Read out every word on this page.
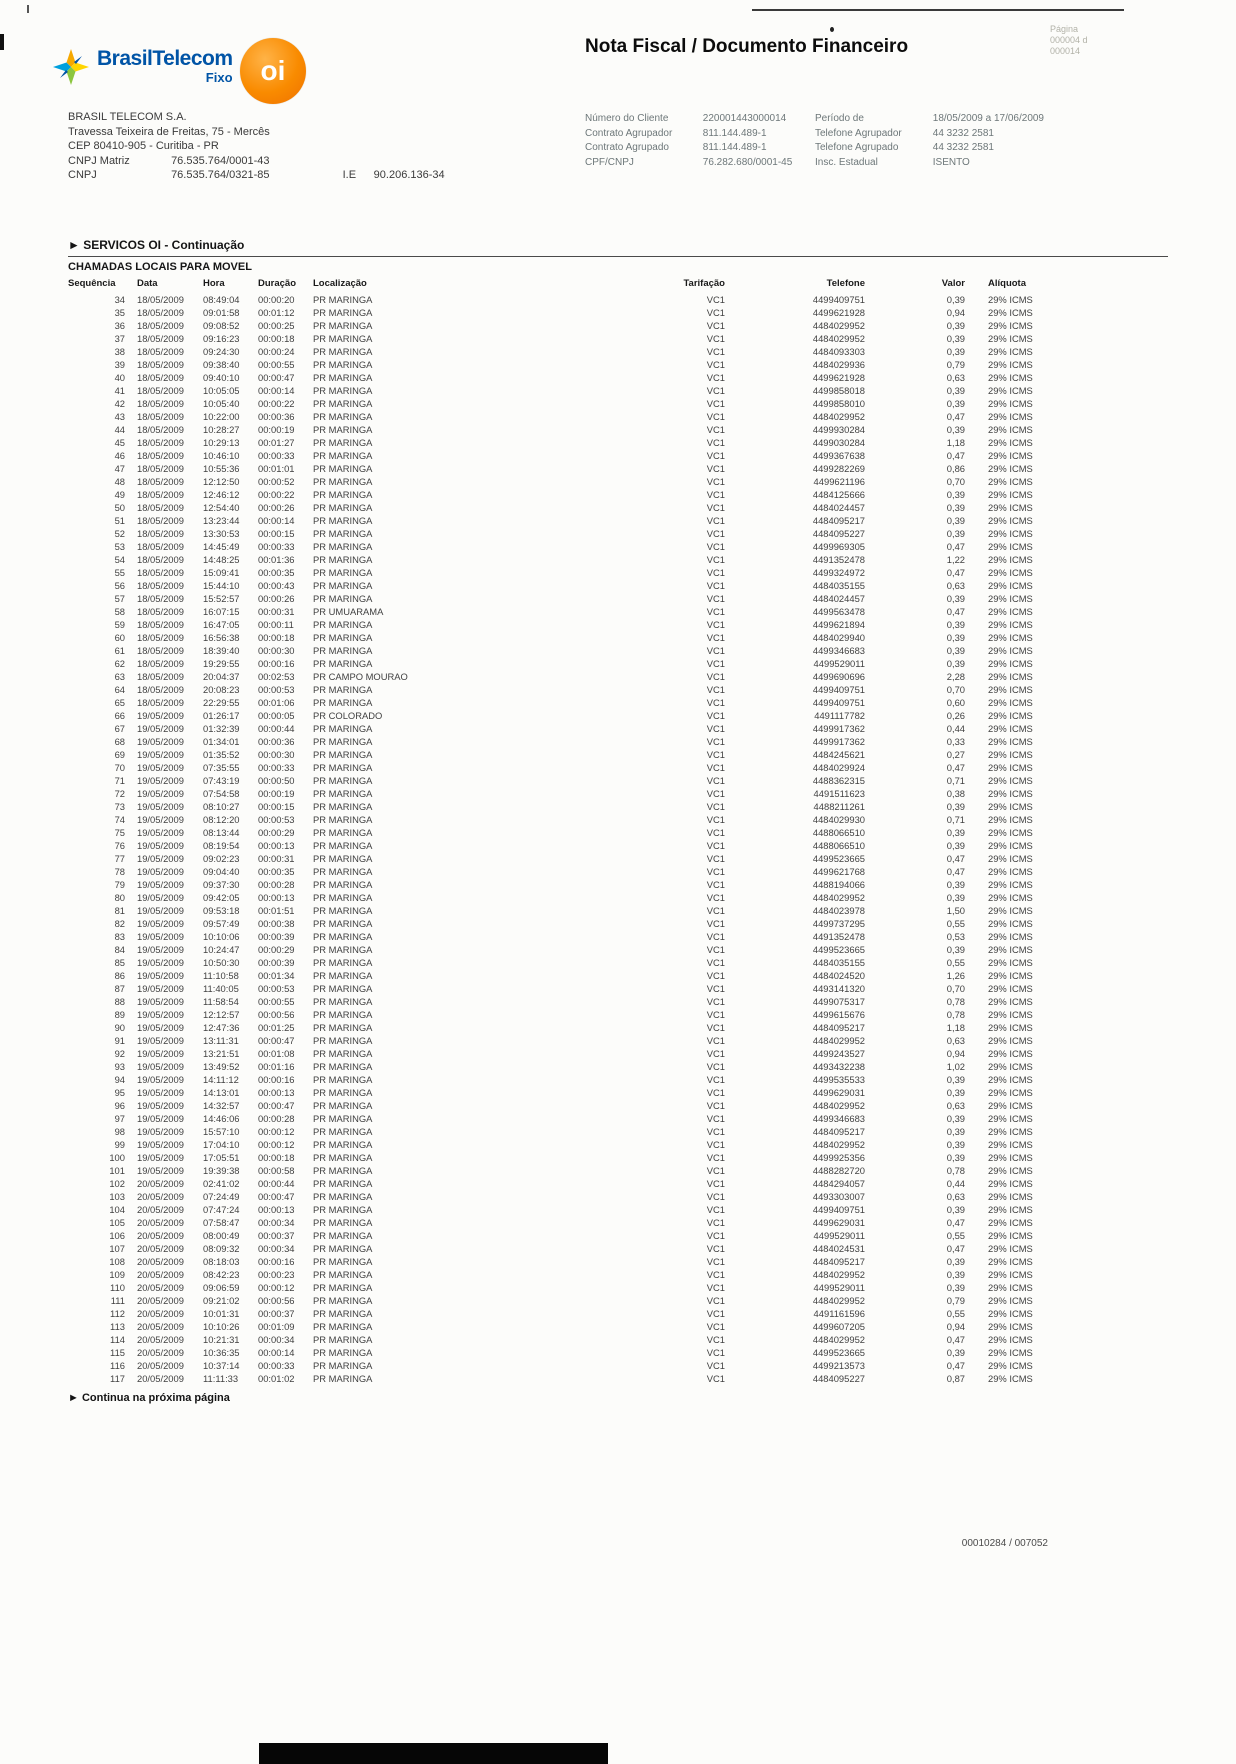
BrasilTelecom
Fixo oi
Nota Fiscal / Documento Financeiro
Página
000004 d
000014
BRASIL TELECOM S.A.
Travessa Teixeira de Freitas, 75 - Mercês
CEP 80410-905 - Curitiba - PR
CNPJ Matriz	76.535.764/0001-43
CNPJ	76.535.764/0321-85	I.E 90.206.136-34
Número do Cliente	220001443000014
Contrato Agrupador	811.144.489-1
Contrato Agrupado	811.144.489-1
CPF/CNPJ	76.282.680/0001-45
Período de	18/05/2009 a 17/06/2009
Telefone Agrupador	44 3232 2581
Telefone Agrupado	44 3232 2581
Insc. Estadual	ISENTO
► SERVICOS OI - Continuação
CHAMADAS LOCAIS PARA MOVEL
Sequência	Data	Hora	Duração	Localização	Tarifação	Telefone	Valor	Alíquota
34	18/05/2009	08:49:04	00:00:20	PR MARINGA	VC1	4499409751	0,39	29% ICMS
35	18/05/2009	09:01:58	00:01:12	PR MARINGA	VC1	4499621928	0,94	29% ICMS
36	18/05/2009	09:08:52	00:00:25	PR MARINGA	VC1	4484029952	0,39	29% ICMS
37	18/05/2009	09:16:23	00:00:18	PR MARINGA	VC1	4484029952	0,39	29% ICMS
38	18/05/2009	09:24:30	00:00:24	PR MARINGA	VC1	4484093303	0,39	29% ICMS
39	18/05/2009	09:38:40	00:00:55	PR MARINGA	VC1	4484029936	0,79	29% ICMS
40	18/05/2009	09:40:10	00:00:47	PR MARINGA	VC1	4499621928	0,63	29% ICMS
41	18/05/2009	10:05:05	00:00:14	PR MARINGA	VC1	4499858018	0,39	29% ICMS
42	18/05/2009	10:05:40	00:00:22	PR MARINGA	VC1	4499858010	0,39	29% ICMS
43	18/05/2009	10:22:00	00:00:36	PR MARINGA	VC1	4484029952	0,47	29% ICMS
44	18/05/2009	10:28:27	00:00:19	PR MARINGA	VC1	4499930284	0,39	29% ICMS
45	18/05/2009	10:29:13	00:01:27	PR MARINGA	VC1	4499030284	1,18	29% ICMS
46	18/05/2009	10:46:10	00:00:33	PR MARINGA	VC1	4499367638	0,47	29% ICMS
47	18/05/2009	10:55:36	00:01:01	PR MARINGA	VC1	4499282269	0,86	29% ICMS
48	18/05/2009	12:12:50	00:00:52	PR MARINGA	VC1	4499621196	0,70	29% ICMS
49	18/05/2009	12:46:12	00:00:22	PR MARINGA	VC1	4484125666	0,39	29% ICMS
50	18/05/2009	12:54:40	00:00:26	PR MARINGA	VC1	4484024457	0,39	29% ICMS
51	18/05/2009	13:23:44	00:00:14	PR MARINGA	VC1	4484095217	0,39	29% ICMS
52	18/05/2009	13:30:53	00:00:15	PR MARINGA	VC1	4484095227	0,39	29% ICMS
53	18/05/2009	14:45:49	00:00:33	PR MARINGA	VC1	4499969305	0,47	29% ICMS
54	18/05/2009	14:48:25	00:01:36	PR MARINGA	VC1	4491352478	1,22	29% ICMS
55	18/05/2009	15:09:41	00:00:35	PR MARINGA	VC1	4499324972	0,47	29% ICMS
56	18/05/2009	15:44:10	00:00:43	PR MARINGA	VC1	4484035155	0,63	29% ICMS
57	18/05/2009	15:52:57	00:00:26	PR MARINGA	VC1	4484024457	0,39	29% ICMS
58	18/05/2009	16:07:15	00:00:31	PR UMUARAMA	VC1	4499563478	0,47	29% ICMS
59	18/05/2009	16:47:05	00:00:11	PR MARINGA	VC1	4499621894	0,39	29% ICMS
60	18/05/2009	16:56:38	00:00:18	PR MARINGA	VC1	4484029940	0,39	29% ICMS
61	18/05/2009	18:39:40	00:00:30	PR MARINGA	VC1	4499346683	0,39	29% ICMS
62	18/05/2009	19:29:55	00:00:16	PR MARINGA	VC1	4499529011	0,39	29% ICMS
63	18/05/2009	20:04:37	00:02:53	PR CAMPO MOURAO	VC1	4499690696	2,28	29% ICMS
64	18/05/2009	20:08:23	00:00:53	PR MARINGA	VC1	4499409751	0,70	29% ICMS
65	18/05/2009	22:29:55	00:01:06	PR MARINGA	VC1	4499409751	0,60	29% ICMS
66	19/05/2009	01:26:17	00:00:05	PR COLORADO	VC1	4491117782	0,26	29% ICMS
67	19/05/2009	01:32:39	00:00:44	PR MARINGA	VC1	4499917362	0,44	29% ICMS
68	19/05/2009	01:34:01	00:00:36	PR MARINGA	VC1	4499917362	0,33	29% ICMS
69	19/05/2009	01:35:52	00:00:30	PR MARINGA	VC1	4484245621	0,27	29% ICMS
70	19/05/2009	07:35:55	00:00:33	PR MARINGA	VC1	4484029924	0,47	29% ICMS
71	19/05/2009	07:43:19	00:00:50	PR MARINGA	VC1	4488362315	0,71	29% ICMS
72	19/05/2009	07:54:58	00:00:19	PR MARINGA	VC1	4491511623	0,38	29% ICMS
73	19/05/2009	08:10:27	00:00:15	PR MARINGA	VC1	4488211261	0,39	29% ICMS
74	19/05/2009	08:12:20	00:00:53	PR MARINGA	VC1	4484029930	0,71	29% ICMS
75	19/05/2009	08:13:44	00:00:29	PR MARINGA	VC1	4488066510	0,39	29% ICMS
76	19/05/2009	08:19:54	00:00:13	PR MARINGA	VC1	4488066510	0,39	29% ICMS
77	19/05/2009	09:02:23	00:00:31	PR MARINGA	VC1	4499523665	0,47	29% ICMS
78	19/05/2009	09:04:40	00:00:35	PR MARINGA	VC1	4499621768	0,47	29% ICMS
79	19/05/2009	09:37:30	00:00:28	PR MARINGA	VC1	4488194066	0,39	29% ICMS
80	19/05/2009	09:42:05	00:00:13	PR MARINGA	VC1	4484029952	0,39	29% ICMS
81	19/05/2009	09:53:18	00:01:51	PR MARINGA	VC1	4484023978	1,50	29% ICMS
82	19/05/2009	09:57:49	00:00:38	PR MARINGA	VC1	4499737295	0,55	29% ICMS
83	19/05/2009	10:10:06	00:00:39	PR MARINGA	VC1	4491352478	0,53	29% ICMS
84	19/05/2009	10:24:47	00:00:29	PR MARINGA	VC1	4499523665	0,39	29% ICMS
85	19/05/2009	10:50:30	00:00:39	PR MARINGA	VC1	4484035155	0,55	29% ICMS
86	19/05/2009	11:10:58	00:01:34	PR MARINGA	VC1	4484024520	1,26	29% ICMS
87	19/05/2009	11:40:05	00:00:53	PR MARINGA	VC1	4493141320	0,70	29% ICMS
88	19/05/2009	11:58:54	00:00:55	PR MARINGA	VC1	4499075317	0,78	29% ICMS
89	19/05/2009	12:12:57	00:00:56	PR MARINGA	VC1	4499615676	0,78	29% ICMS
90	19/05/2009	12:47:36	00:01:25	PR MARINGA	VC1	4484095217	1,18	29% ICMS
91	19/05/2009	13:11:31	00:00:47	PR MARINGA	VC1	4484029952	0,63	29% ICMS
92	19/05/2009	13:21:51	00:01:08	PR MARINGA	VC1	4499243527	0,94	29% ICMS
93	19/05/2009	13:49:52	00:01:16	PR MARINGA	VC1	4493432238	1,02	29% ICMS
94	19/05/2009	14:11:12	00:00:16	PR MARINGA	VC1	4499535533	0,39	29% ICMS
95	19/05/2009	14:13:01	00:00:13	PR MARINGA	VC1	4499629031	0,39	29% ICMS
96	19/05/2009	14:32:57	00:00:47	PR MARINGA	VC1	4484029952	0,63	29% ICMS
97	19/05/2009	14:46:06	00:00:28	PR MARINGA	VC1	4499346683	0,39	29% ICMS
98	19/05/2009	15:57:10	00:00:12	PR MARINGA	VC1	4484095217	0,39	29% ICMS
99	19/05/2009	17:04:10	00:00:12	PR MARINGA	VC1	4484029952	0,39	29% ICMS
100	19/05/2009	17:05:51	00:00:18	PR MARINGA	VC1	4499925356	0,39	29% ICMS
101	19/05/2009	19:39:38	00:00:58	PR MARINGA	VC1	4488282720	0,78	29% ICMS
102	20/05/2009	02:41:02	00:00:44	PR MARINGA	VC1	4484294057	0,44	29% ICMS
103	20/05/2009	07:24:49	00:00:47	PR MARINGA	VC1	4493303007	0,63	29% ICMS
104	20/05/2009	07:47:24	00:00:13	PR MARINGA	VC1	4499409751	0,39	29% ICMS
105	20/05/2009	07:58:47	00:00:34	PR MARINGA	VC1	4499629031	0,47	29% ICMS
106	20/05/2009	08:00:49	00:00:37	PR MARINGA	VC1	4499529011	0,55	29% ICMS
107	20/05/2009	08:09:32	00:00:34	PR MARINGA	VC1	4484024531	0,47	29% ICMS
108	20/05/2009	08:18:03	00:00:16	PR MARINGA	VC1	4484095217	0,39	29% ICMS
109	20/05/2009	08:42:23	00:00:23	PR MARINGA	VC1	4484029952	0,39	29% ICMS
110	20/05/2009	09:06:59	00:00:12	PR MARINGA	VC1	4499529011	0,39	29% ICMS
111	20/05/2009	09:21:02	00:00:56	PR MARINGA	VC1	4484029952	0,79	29% ICMS
112	20/05/2009	10:01:31	00:00:37	PR MARINGA	VC1	4491161596	0,55	29% ICMS
113	20/05/2009	10:10:26	00:01:09	PR MARINGA	VC1	4499607205	0,94	29% ICMS
114	20/05/2009	10:21:31	00:00:34	PR MARINGA	VC1	4484029952	0,47	29% ICMS
115	20/05/2009	10:36:35	00:00:14	PR MARINGA	VC1	4499523665	0,39	29% ICMS
116	20/05/2009	10:37:14	00:00:33	PR MARINGA	VC1	4499213573	0,47	29% ICMS
117	20/05/2009	11:11:33	00:01:02	PR MARINGA	VC1	4484095227	0,87	29% ICMS
► Continua na próxima página
00010284 / 007052
